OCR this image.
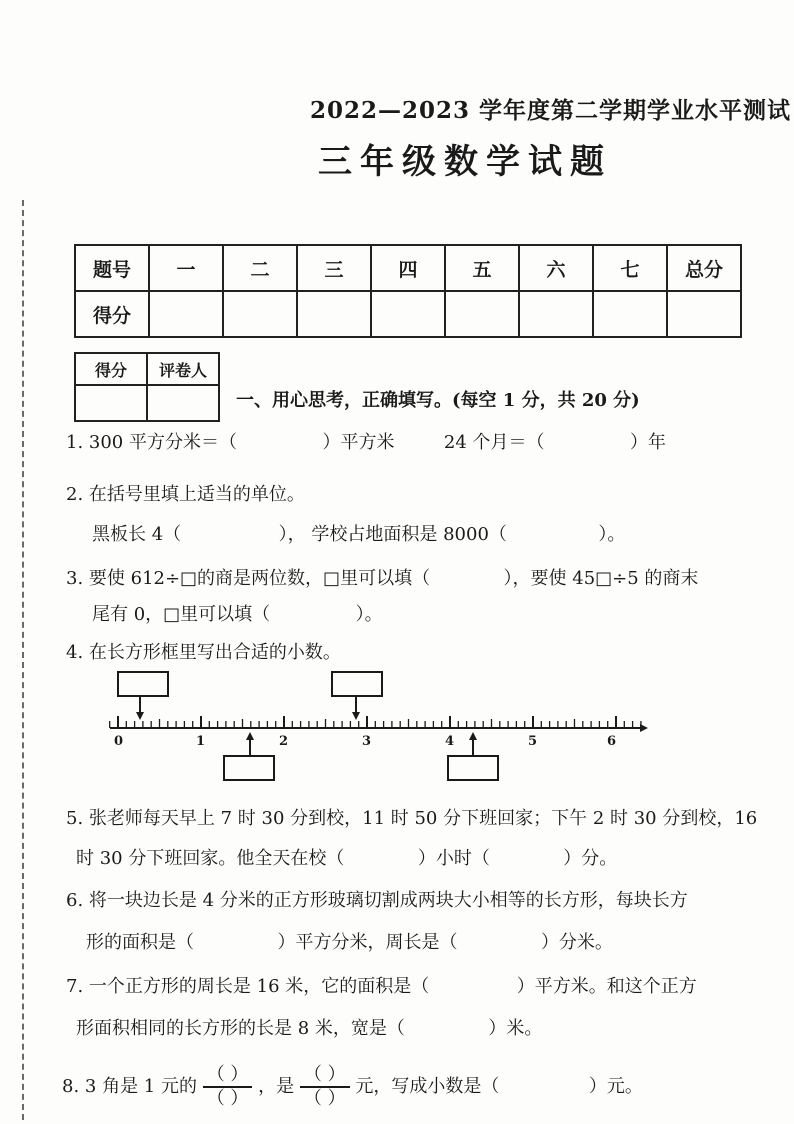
2022—2023 学年度第二学期学业水平测试
三年级数学试题
题号	一	二	三	四	五	六	七	总分
得分								
得分	评卷人

一、用心思考，正确填写。(每空 1 分，共 20 分)
1. 300 平方分米＝（	）平方米	24 个月＝（	）年
2. 在括号里填上适当的单位。
黑板长 4（	）， 学校占地面积是 8000（	）。
3. 要使 612÷□的商是两位数，□里可以填（	），要使 45□÷5 的商末
尾有 0，□里可以填（	）。
4. 在长方形框里写出合适的小数。
0	1	2	3	4	5	6
5. 张老师每天早上 7 时 30 分到校，11 时 50 分下班回家；下午 2 时 30 分到校，16
时 30 分下班回家。他全天在校（	）小时（	）分。
6. 将一块边长是 4 分米的正方形玻璃切割成两块大小相等的长方形，每块长方
形的面积是（	）平方分米，周长是（	）分米。
7. 一个正方形的周长是 16 米，它的面积是（	）平方米。和这个正方
形面积相同的长方形的长是 8 米，宽是（	）米。
8. 3 角是 1 元的 $\frac{( )}{( )}$ ，是 $\frac{( )}{( )}$ 元，写成小数是（	）元。
